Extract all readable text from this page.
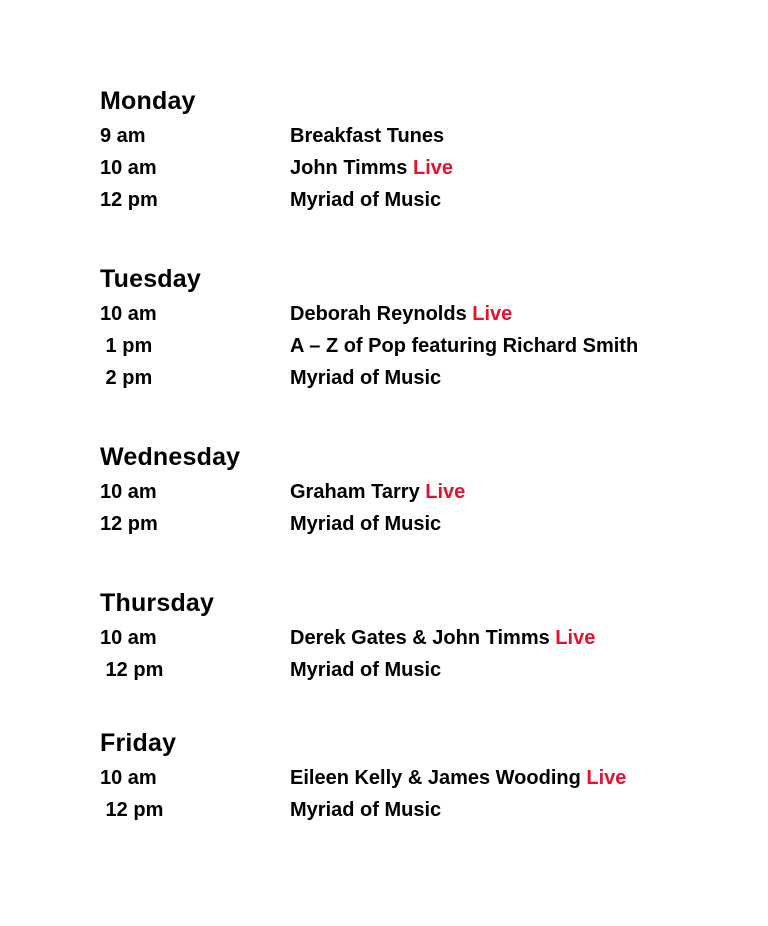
Monday
9 am	Breakfast Tunes
10 am	John Timms Live
12 pm	Myriad of Music
Tuesday
10 am	Deborah Reynolds Live
1 pm	A – Z of Pop featuring Richard Smith
2 pm	Myriad of Music
Wednesday
10 am	Graham Tarry Live
12 pm	Myriad of Music
Thursday
10 am	Derek Gates & John Timms Live
12 pm	Myriad of Music
Friday
10 am	Eileen Kelly & James Wooding Live
12 pm	Myriad of Music
